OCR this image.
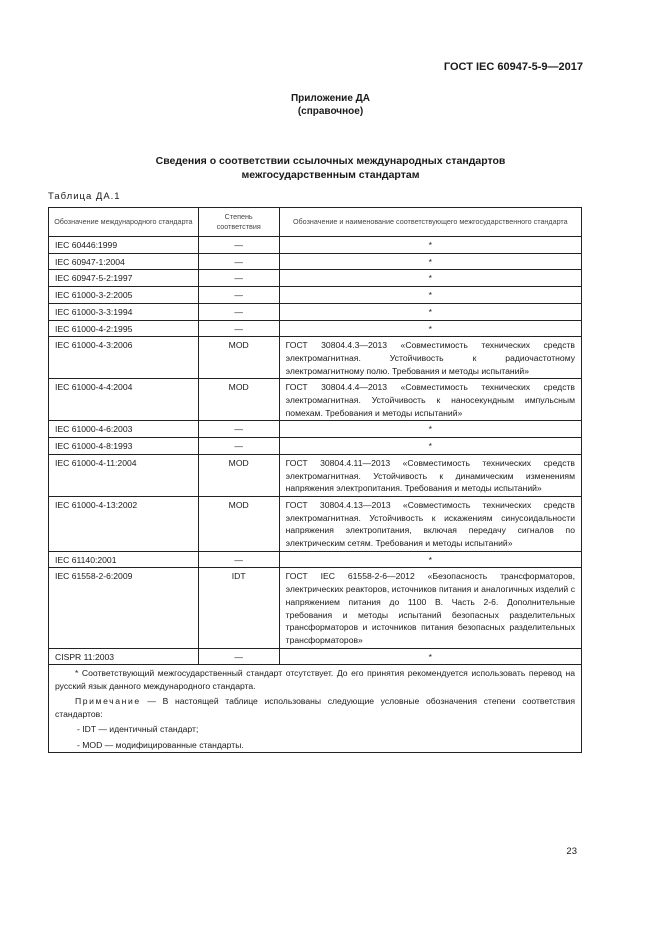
ГОСТ IEC 60947-5-9—2017
Приложение ДА
(справочное)
Сведения о соответствии ссылочных международных стандартов
межгосударственным стандартам
Таблица ДА.1
Обозначение международного стандарта	Степень соответствия	Обозначение и наименование соответствующего межгосударственного стандарта
IEC 60446:1999	—	*
IEC 60947-1:2004	—	*
IEC 60947-5-2:1997	—	*
IEC 61000-3-2:2005	—	*
IEC 61000-3-3:1994	—	*
IEC 61000-4-2:1995	—	*
IEC 61000-4-3:2006	MOD	ГОСТ 30804.4.3—2013 «Совместимость технических средств электромагнитная. Устойчивость к радиочастотному электромагнитному полю. Требования и методы испытаний»
IEC 61000-4-4:2004	MOD	ГОСТ 30804.4.4—2013 «Совместимость технических средств электромагнитная. Устойчивость к наносекундным импульсным помехам. Требования и методы испытаний»
IEC 61000-4-6:2003	—	*
IEC 61000-4-8:1993	—	*
IEC 61000-4-11:2004	MOD	ГОСТ 30804.4.11—2013 «Совместимость технических средств электромагнитная. Устойчивость к динамическим изменениям напряжения электропитания. Требования и методы испытаний»
IEC 61000-4-13:2002	MOD	ГОСТ 30804.4.13—2013 «Совместимость технических средств электромагнитная. Устойчивость к искажениям синусоидальности напряжения электропитания, включая передачу сигналов по электрическим сетям. Требования и методы испытаний»
IEC 61140:2001	—	*
IEC 61558-2-6:2009	IDT	ГОСТ IEC 61558-2-6—2012 «Безопасность трансформаторов, электрических реакторов, источников питания и аналогичных изделий с напряжением питания до 1100 В. Часть 2-6. Дополнительные требования и методы испытаний безопасных разделительных трансформаторов и источников питания безопасных разделительных трансформаторов»
CISPR 11:2003	—	*

* Соответствующий межгосударственный стандарт отсутствует. До его принятия рекомендуется использовать перевод на русский язык данного международного стандарта.

Примечание — В настоящей таблице использованы следующие условные обозначения степени соответствия стандартов:

- IDT — идентичный стандарт;

- MOD — модифицированные стандарты.		

23
